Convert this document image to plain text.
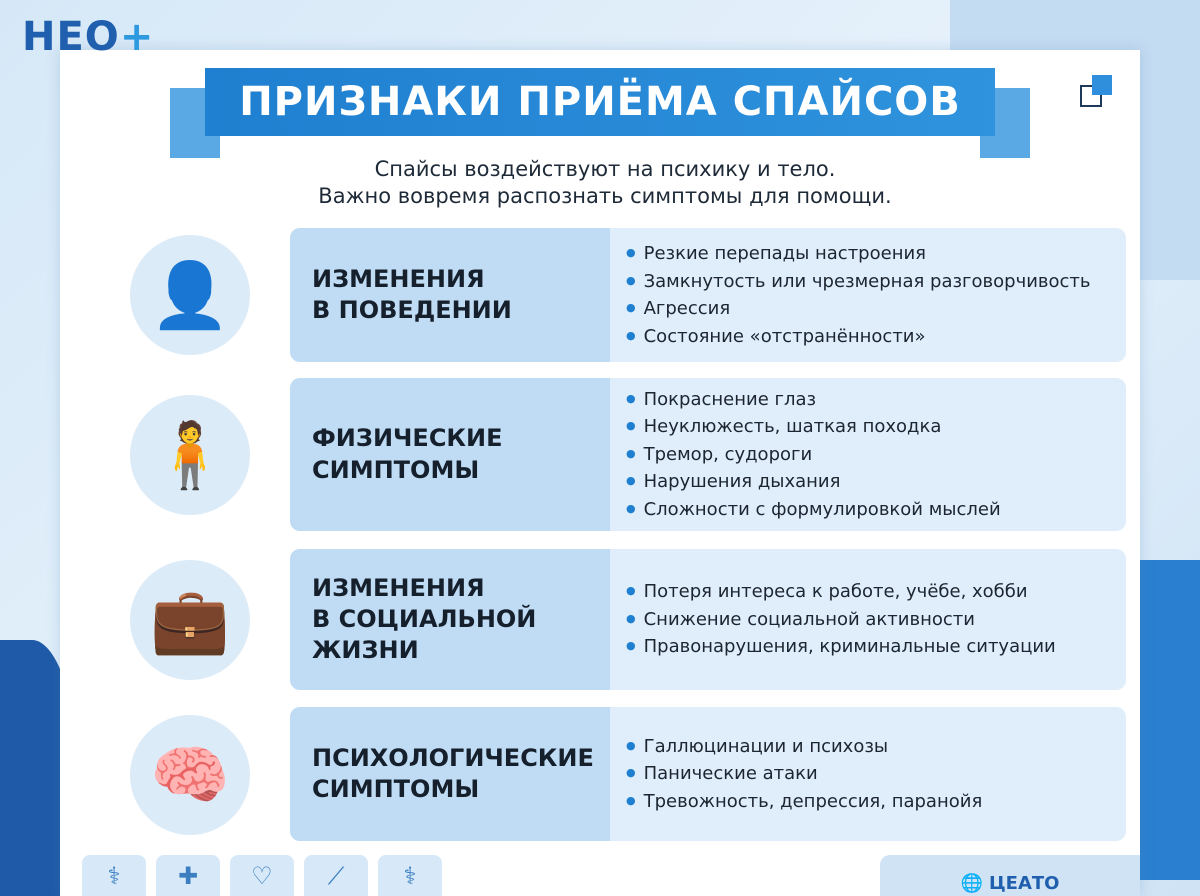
НЕО+
ПРИЗНАКИ ПРИЁМА СПАЙСОВ
Спайсы воздействуют на психику и тело.
Важно вовремя распознать симптомы для помощи.
👤	ИЗМЕНЕНИЯ
В ПОВЕДЕНИИ
● Резкие перепады настроения
● Замкнутость или чрезмерная разговорчивость
● Агрессия
● Состояние «отстранённости»
🧍	ФИЗИЧЕСКИЕ
СИМПТОМЫ
● Покраснение глаз
● Неуклюжесть, шаткая походка
● Тремор, судороги
● Нарушения дыхания
● Сложности с формулировкой мыслей
💼	ИЗМЕНЕНИЯ
В СОЦИАЛЬНОЙ
ЖИЗНИ
● Потеря интереса к работе, учёбе, хобби
● Снижение социальной активности
● Правонарушения, криминальные ситуации
🧠	ПСИХОЛОГИЧЕСКИЕ
СИМПТОМЫ
● Галлюцинации и психозы
● Панические атаки
● Тревожность, депрессия, паранойя
⚕	✚	♡	⟋	⚕	🌐 ЦЕАТО
